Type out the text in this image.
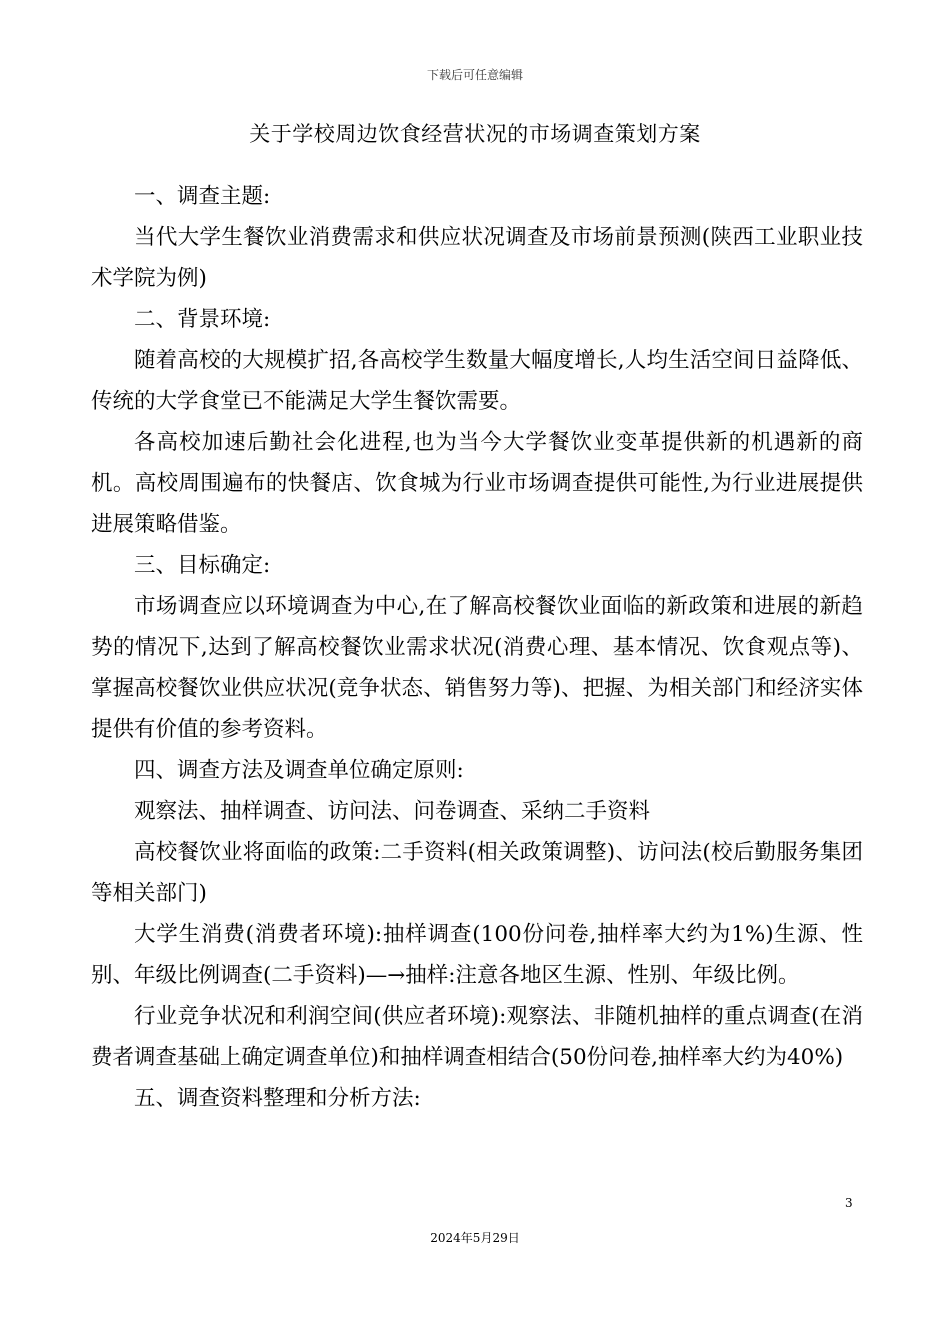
下载后可任意编辑
关于学校周边饮食经营状况的市场调查策划方案

一、调查主题:

当代大学生餐饮业消费需求和供应状况调查及市场前景预测(陕西工业职业技术学院为例)

二、背景环境:

随着高校的大规模扩招,各高校学生数量大幅度增长,人均生活空间日益降低、传统的大学食堂已不能满足大学生餐饮需要。

各高校加速后勤社会化进程,也为当今大学餐饮业变革提供新的机遇新的商机。高校周围遍布的快餐店、饮食城为行业市场调查提供可能性,为行业进展提供进展策略借鉴。

三、目标确定:

市场调查应以环境调查为中心,在了解高校餐饮业面临的新政策和进展的新趋势的情况下,达到了解高校餐饮业需求状况(消费心理、基本情况、饮食观点等)、掌握高校餐饮业供应状况(竞争状态、销售努力等)、把握、为相关部门和经济实体提供有价值的参考资料。

四、调查方法及调查单位确定原则:

观察法、抽样调查、访问法、问卷调查、采纳二手资料

高校餐饮业将面临的政策:二手资料(相关政策调整)、访问法(校后勤服务集团等相关部门)

大学生消费(消费者环境):抽样调查(100份问卷,抽样率大约为1%)生源、性别、年级比例调查(二手资料)—→抽样:注意各地区生源、性别、年级比例。

行业竞争状况和利润空间(供应者环境):观察法、非随机抽样的重点调查(在消费者调查基础上确定调查单位)和抽样调查相结合(50份问卷,抽样率大约为40%)

五、调查资料整理和分析方法:

3
2024年5月29日
